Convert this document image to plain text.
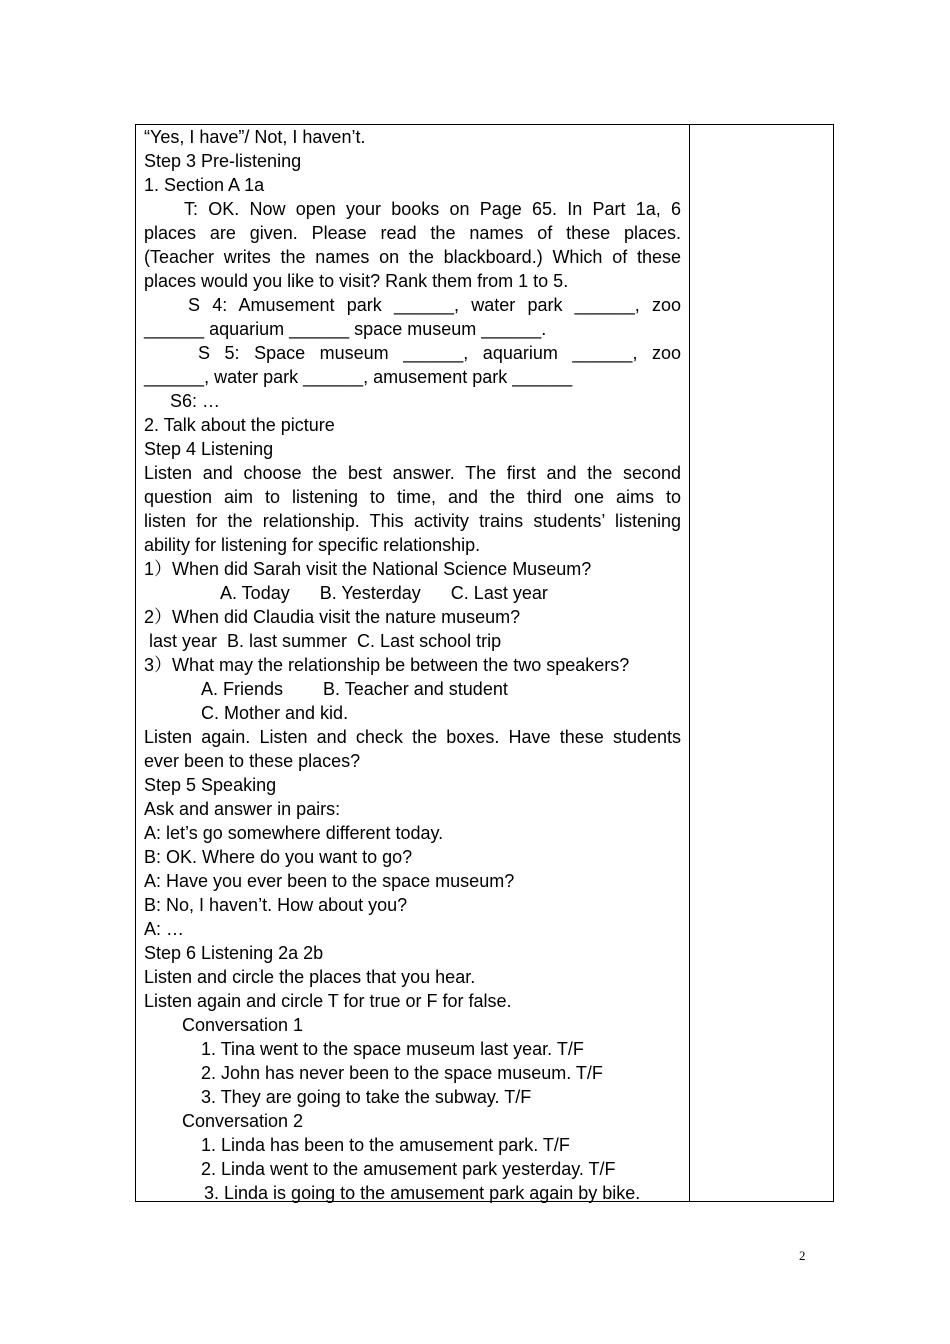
“Yes, I have”/ Not, I haven’t.
Step 3 Pre-listening
1. Section A 1a
T: OK. Now open your books on Page 65. In Part 1a, 6
places are given. Please read the names of these places.
(Teacher writes the names on the blackboard.) Which of these
places would you like to visit? Rank them from 1 to 5.
S 4: Amusement park ______, water park ______, zoo
______ aquarium ______ space museum ______.
S 5: Space museum ______, aquarium ______, zoo
______, water park ______, amusement park ______
S6: …
2. Talk about the picture
Step 4 Listening
Listen and choose the best answer. The first and the second
question aim to listening to time, and the third one aims to
listen for the relationship. This activity trains students’ listening
ability for listening for specific relationship.
1）When did Sarah visit the National Science Museum?
A. Today      B. Yesterday      C. Last year
2）When did Claudia visit the nature museum?
last year  B. last summer  C. Last school trip
3）What may the relationship be between the two speakers?
A. Friends        B. Teacher and student
C. Mother and kid.
Listen again. Listen and check the boxes. Have these students
ever been to these places?
Step 5 Speaking
Ask and answer in pairs:
A: let’s go somewhere different today.
B: OK. Where do you want to go?
A: Have you ever been to the space museum?
B: No, I haven’t. How about you?
A: …
Step 6 Listening 2a 2b
Listen and circle the places that you hear.
Listen again and circle T for true or F for false.
Conversation 1
1. Tina went to the space museum last year. T/F
2. John has never been to the space museum. T/F
3. They are going to take the subway. T/F
Conversation 2
1. Linda has been to the amusement park. T/F
2. Linda went to the amusement park yesterday. T/F
3. Linda is going to the amusement park again by bike.
2
